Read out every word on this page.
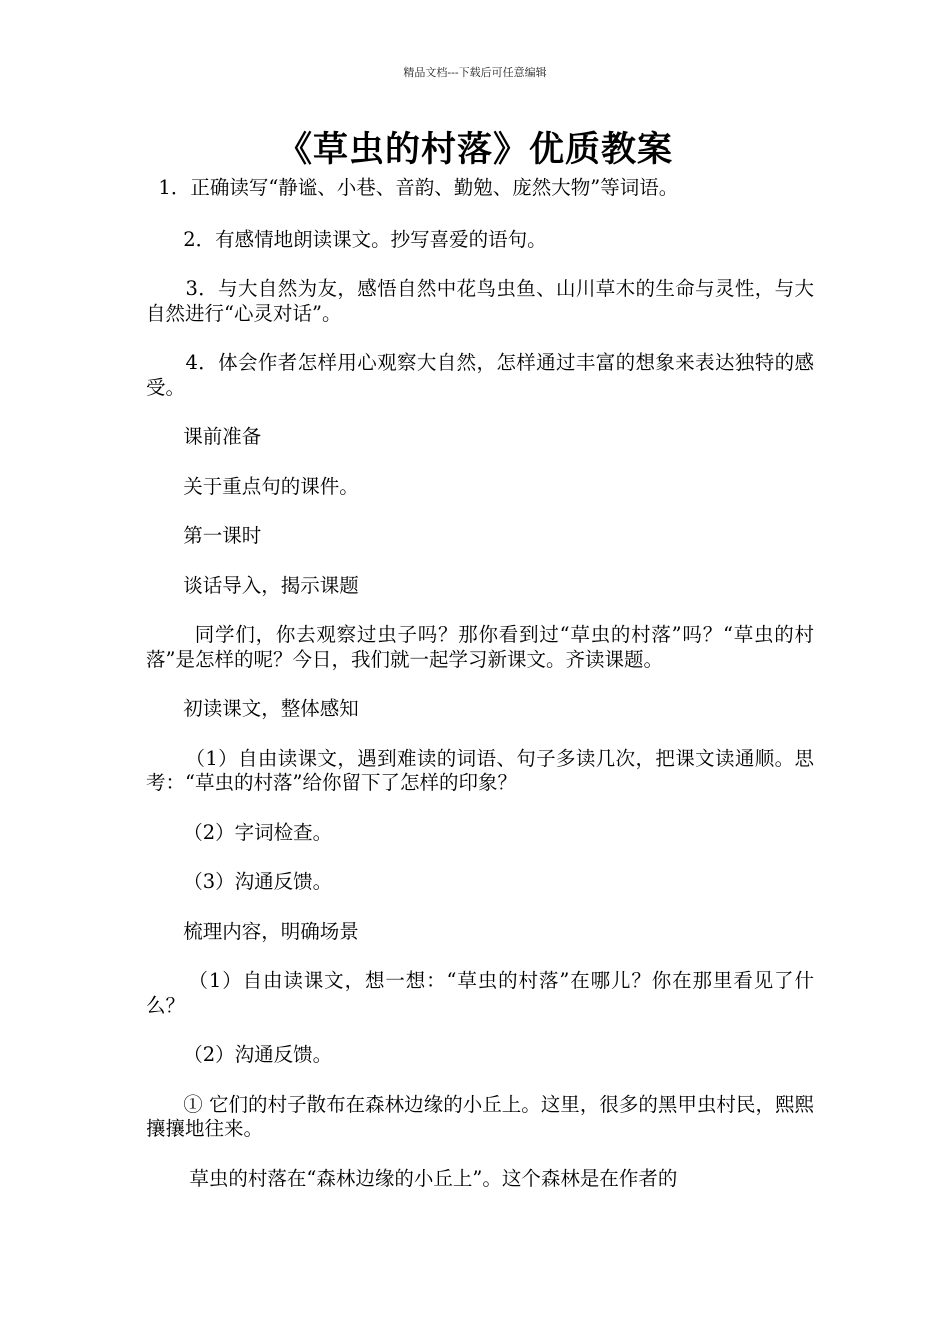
精品文档---下载后可任意编辑
《草虫的村落》优质教案

1．正确读写“静谧、小巷、音韵、勤勉、庞然大物”等词语。

2．有感情地朗读课文。抄写喜爱的语句。

3．与大自然为友，感悟自然中花鸟虫鱼、山川草木的生命与灵性，与大自然进行“心灵对话”。

4．体会作者怎样用心观察大自然，怎样通过丰富的想象来表达独特的感受。

课前准备

关于重点句的课件。

第一课时

谈话导入，揭示课题

同学们，你去观察过虫子吗？那你看到过“草虫的村落”吗？“草虫的村落”是怎样的呢？今日，我们就一起学习新课文。齐读课题。

初读课文，整体感知

（1）自由读课文，遇到难读的词语、句子多读几次，把课文读通顺。思考：“草虫的村落”给你留下了怎样的印象？

（2）字词检查。

（3）沟通反馈。

梳理内容，明确场景

（1）自由读课文，想一想：“草虫的村落”在哪儿？你在那里看见了什么？

（2）沟通反馈。

① 它们的村子散布在森林边缘的小丘上。这里，很多的黑甲虫村民，熙熙攘攘地往来。

草虫的村落在“森林边缘的小丘上”。这个森林是在作者的
